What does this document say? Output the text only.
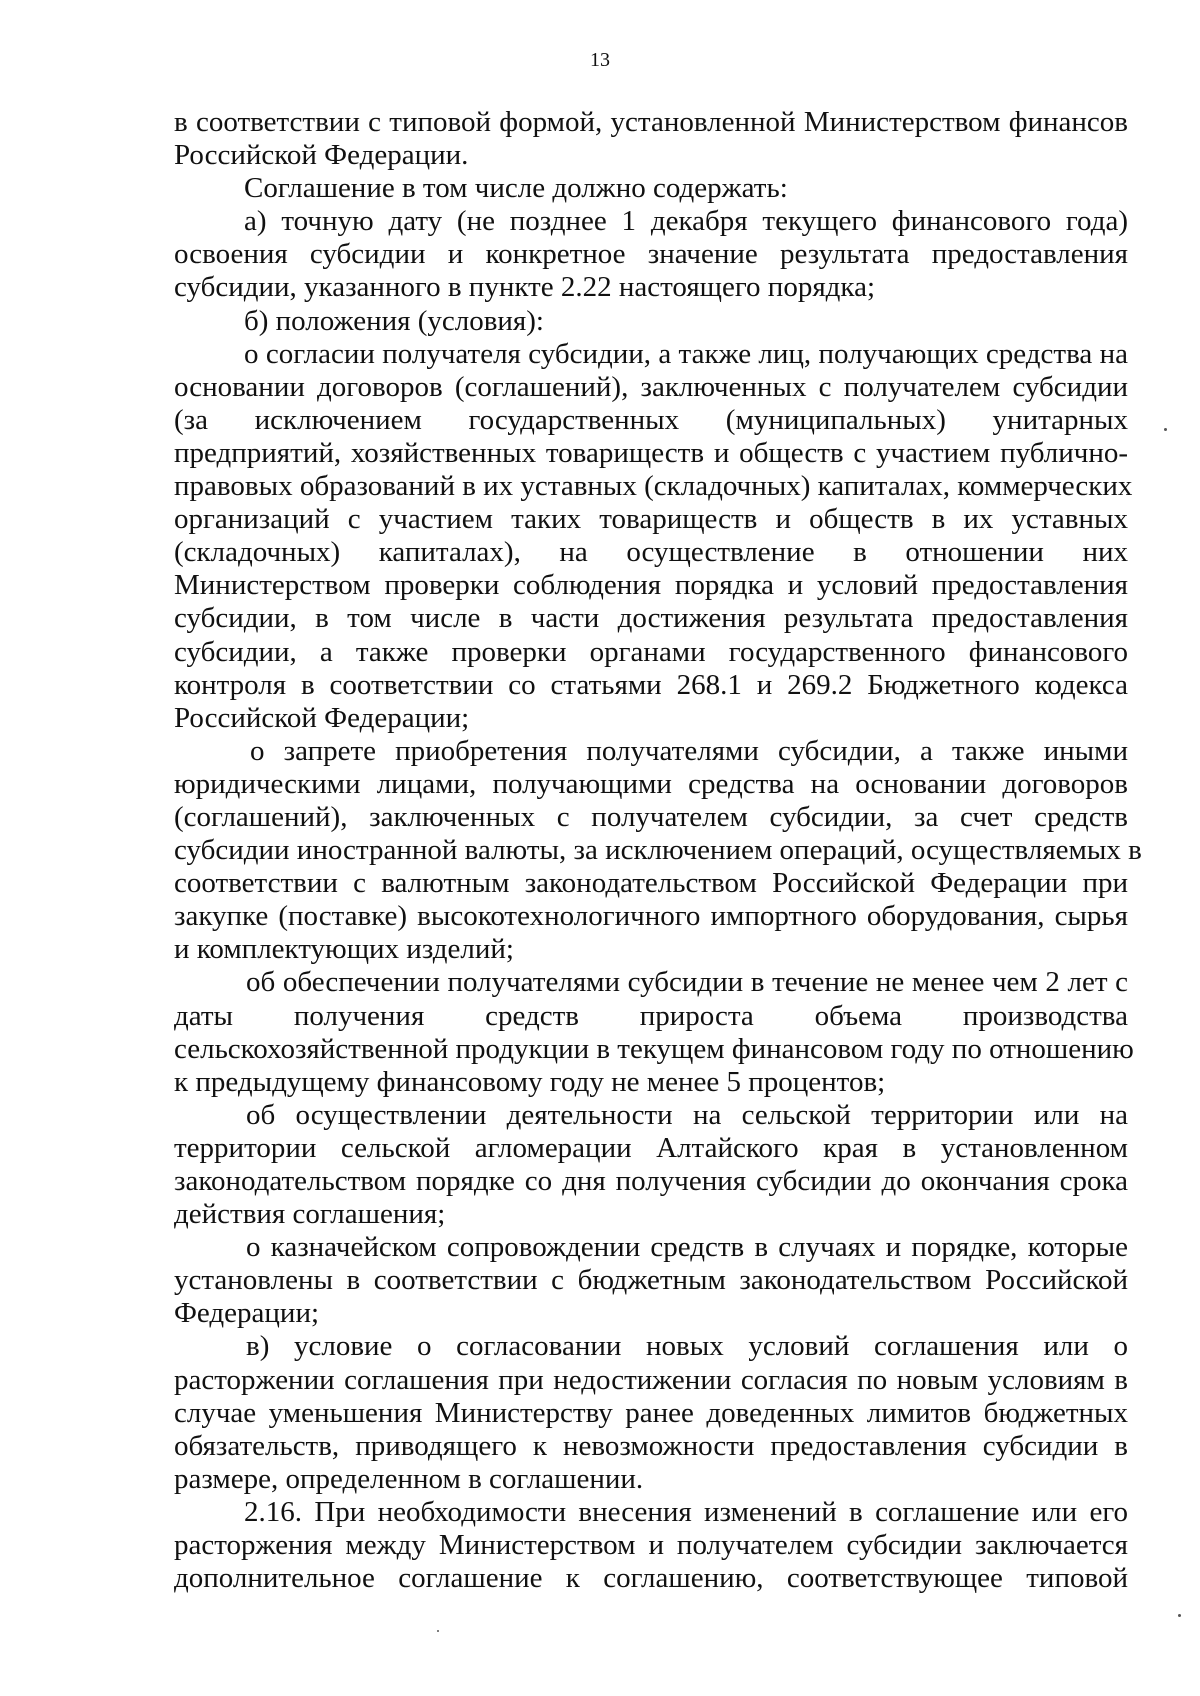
13
в соответствии с типовой формой, установленной Министерством финансов
Российской Федерации.
Соглашение в том числе должно содержать:
а) точную дату (не позднее 1 декабря текущего финансового года)
освоения субсидии и конкретное значение результата предоставления
субсидии, указанного в пункте 2.22 настоящего порядка;
б) положения (условия):
о согласии получателя субсидии, а также лиц, получающих средства на
основании договоров (соглашений), заключенных с получателем субсидии
(за исключением государственных (муниципальных) унитарных
предприятий, хозяйственных товариществ и обществ с участием публично-
правовых образований в их уставных (складочных) капиталах, коммерческих
организаций с участием таких товариществ и обществ в их уставных
(складочных) капиталах), на осуществление в отношении них
Министерством проверки соблюдения порядка и условий предоставления
субсидии, в том числе в части достижения результата предоставления
субсидии, а также проверки органами государственного финансового
контроля в соответствии со статьями 268.1 и 269.2 Бюджетного кодекса
Российской Федерации;
о запрете приобретения получателями субсидии, а также иными
юридическими лицами, получающими средства на основании договоров
(соглашений), заключенных с получателем субсидии, за счет средств
субсидии иностранной валюты, за исключением операций, осуществляемых в
соответствии с валютным законодательством Российской Федерации при
закупке (поставке) высокотехнологичного импортного оборудования, сырья
и комплектующих изделий;
об обеспечении получателями субсидии в течение не менее чем 2 лет с
даты получения средств прироста объема производства
сельскохозяйственной продукции в текущем финансовом году по отношению
к предыдущему финансовому году не менее 5 процентов;
об осуществлении деятельности на сельской территории или на
территории сельской агломерации Алтайского края в установленном
законодательством порядке со дня получения субсидии до окончания срока
действия соглашения;
о казначейском сопровождении средств в случаях и порядке, которые
установлены в соответствии с бюджетным законодательством Российской
Федерации;
в) условие о согласовании новых условий соглашения или о
расторжении соглашения при недостижении согласия по новым условиям в
случае уменьшения Министерству ранее доведенных лимитов бюджетных
обязательств, приводящего к невозможности предоставления субсидии в
размере, определенном в соглашении.
2.16. При необходимости внесения изменений в соглашение или его
расторжения между Министерством и получателем субсидии заключается
дополнительное соглашение к соглашению, соответствующее типовой
